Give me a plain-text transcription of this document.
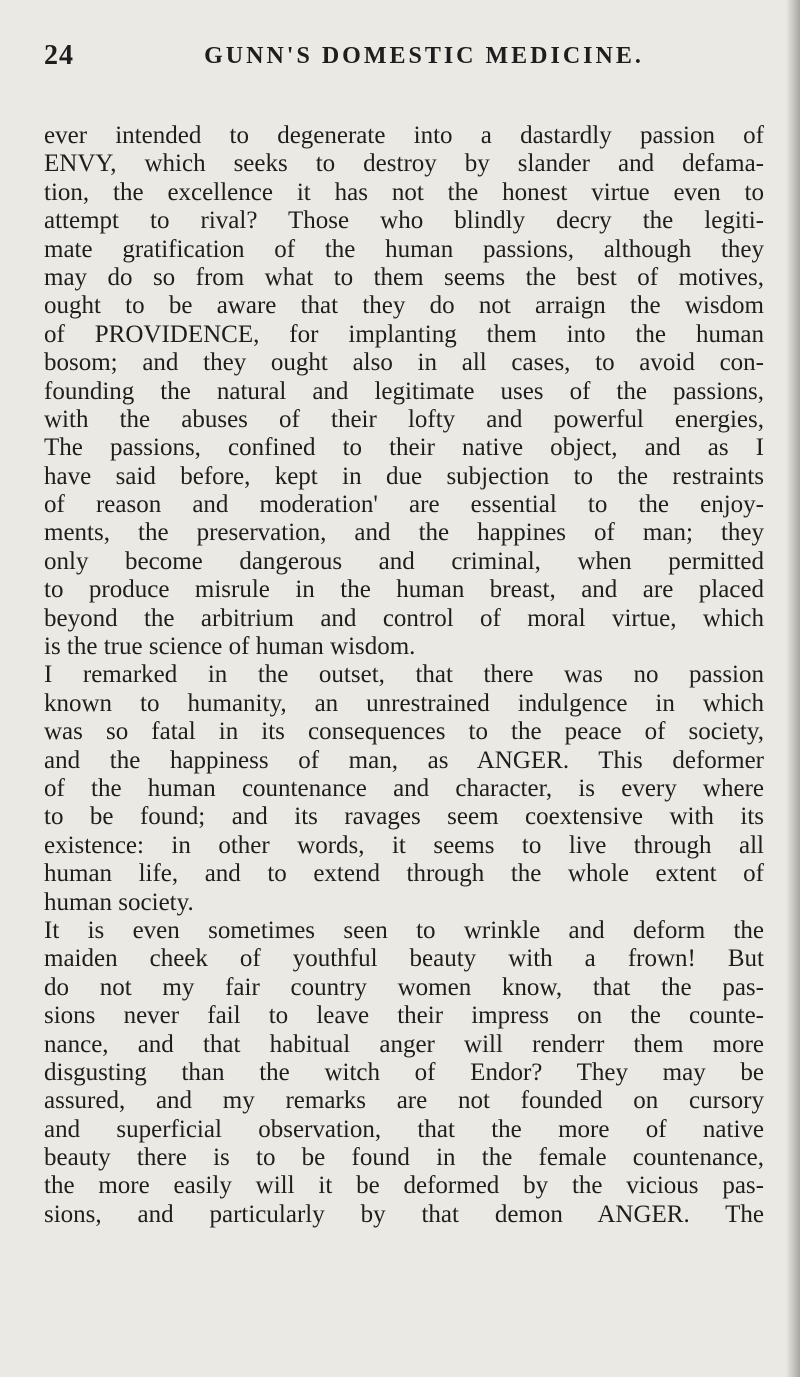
24	GUNN'S DOMESTIC MEDICINE.
ever intended to degenerate into a dastardly passion of
ENVY, which seeks to destroy by slander and defama-
tion, the excellence it has not the honest virtue even to
attempt to rival? Those who blindly decry the legiti-
mate gratification of the human passions, although they
may do so from what to them seems the best of motives,
ought to be aware that they do not arraign the wisdom
of PROVIDENCE, for implanting them into the human
bosom; and they ought also in all cases, to avoid con-
founding the natural and legitimate uses of the passions,
with the abuses of their lofty and powerful energies,
The passions, confined to their native object, and as I
have said before, kept in due subjection to the restraints
of reason and moderation' are essential to the enjoy-
ments, the preservation, and the happines of man; they
only become dangerous and criminal, when permitted
to produce misrule in the human breast, and are placed
beyond the arbitrium and control of moral virtue, which
is the true science of human wisdom.
I remarked in the outset, that there was no passion
known to humanity, an unrestrained indulgence in which
was so fatal in its consequences to the peace of society,
and the happiness of man, as ANGER. This deformer
of the human countenance and character, is every where
to be found; and its ravages seem coextensive with its
existence: in other words, it seems to live through all
human life, and to extend through the whole extent of
human society.
It is even sometimes seen to wrinkle and deform the
maiden cheek of youthful beauty with a frown! But
do not my fair country women know, that the pas-
sions never fail to leave their impress on the counte-
nance, and that habitual anger will renderr them more
disgusting than the witch of Endor? They may be
assured, and my remarks are not founded on cursory
and superficial observation, that the more of native
beauty there is to be found in the female countenance,
the more easily will it be deformed by the vicious pas-
sions, and particularly by that demon ANGER. The
